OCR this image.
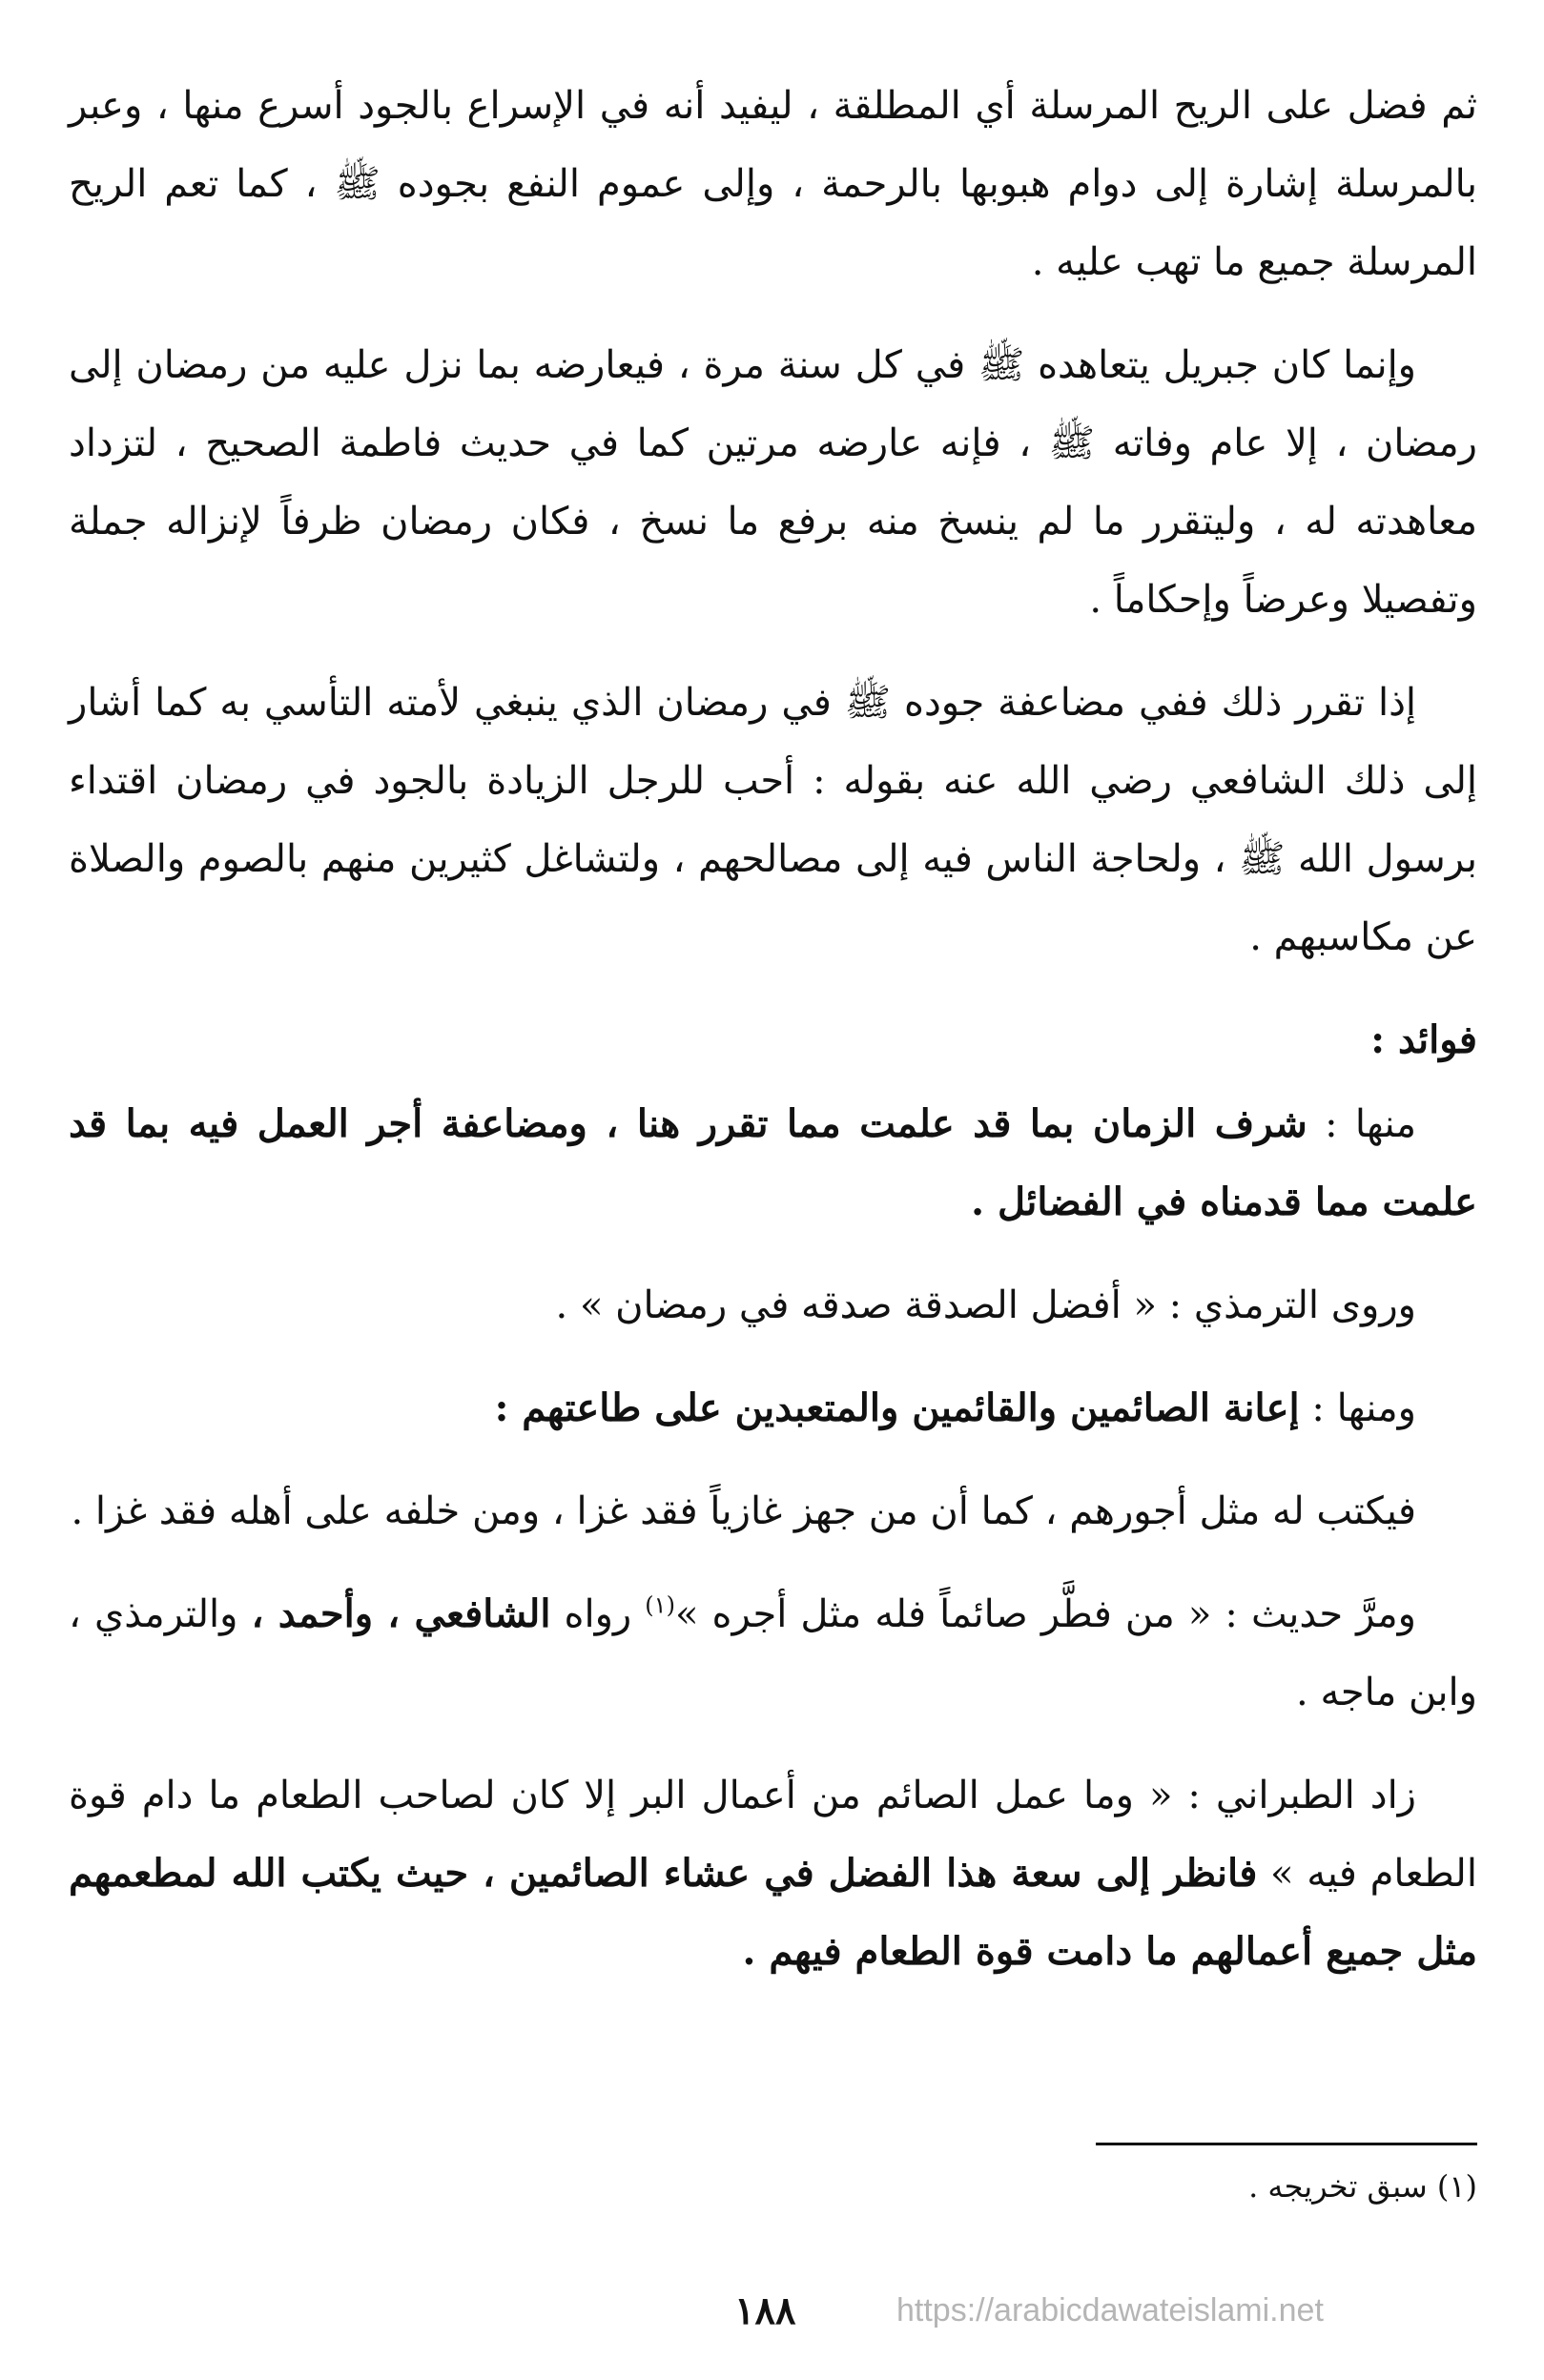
ثم فضل على الريح المرسلة أي المطلقة ، ليفيد أنه في الإسراع بالجود أسرع منها ، وعبر بالمرسلة إشارة إلى دوام هبوبها بالرحمة ، وإلى عموم النفع بجوده ﷺ ، كما تعم الريح المرسلة جميع ما تهب عليه .

وإنما كان جبريل يتعاهده ﷺ في كل سنة مرة ، فيعارضه بما نزل عليه من رمضان إلى رمضان ، إلا عام وفاته ﷺ ، فإنه عارضه مرتين كما في حديث فاطمة الصحيح ، لتزداد معاهدته له ، وليتقرر ما لم ينسخ منه برفع ما نسخ ، فكان رمضان ظرفاً لإنزاله جملة وتفصيلا وعرضاً وإحكاماً .

إذا تقرر ذلك ففي مضاعفة جوده ﷺ في رمضان الذي ينبغي لأمته التأسي به كما أشار إلى ذلك الشافعي رضي الله عنه بقوله : أحب للرجل الزيادة بالجود في رمضان اقتداء برسول الله ﷺ ، ولحاجة الناس فيه إلى مصالحهم ، ولتشاغل كثيرين منهم بالصوم والصلاة عن مكاسبهم .

فوائد :

منها : شرف الزمان بما قد علمت مما تقرر هنا ، ومضاعفة أجر العمل فيه بما قد علمت مما قدمناه في الفضائل .

وروى الترمذي : « أفضل الصدقة صدقه في رمضان » .

ومنها : إعانة الصائمين والقائمين والمتعبدين على طاعتهم :

فيكتب له مثل أجورهم ، كما أن من جهز غازياً فقد غزا ، ومن خلفه على أهله فقد غزا .

ومرَّ حديث : « من فطَّر صائماً فله مثل أجره »$^{(١)}$ رواه الشافعي ، وأحمد ، والترمذي ، وابن ماجه .

زاد الطبراني : « وما عمل الصائم من أعمال البر إلا كان لصاحب الطعام ما دام قوة الطعام فيه » فانظر إلى سعة هذا الفضل في عشاء الصائمين ، حيث يكتب الله لمطعمهم مثل جميع أعمالهم ما دامت قوة الطعام فيهم .

(١) سبق تخريجه .
١٨٨	https://arabicdawateislami.net
